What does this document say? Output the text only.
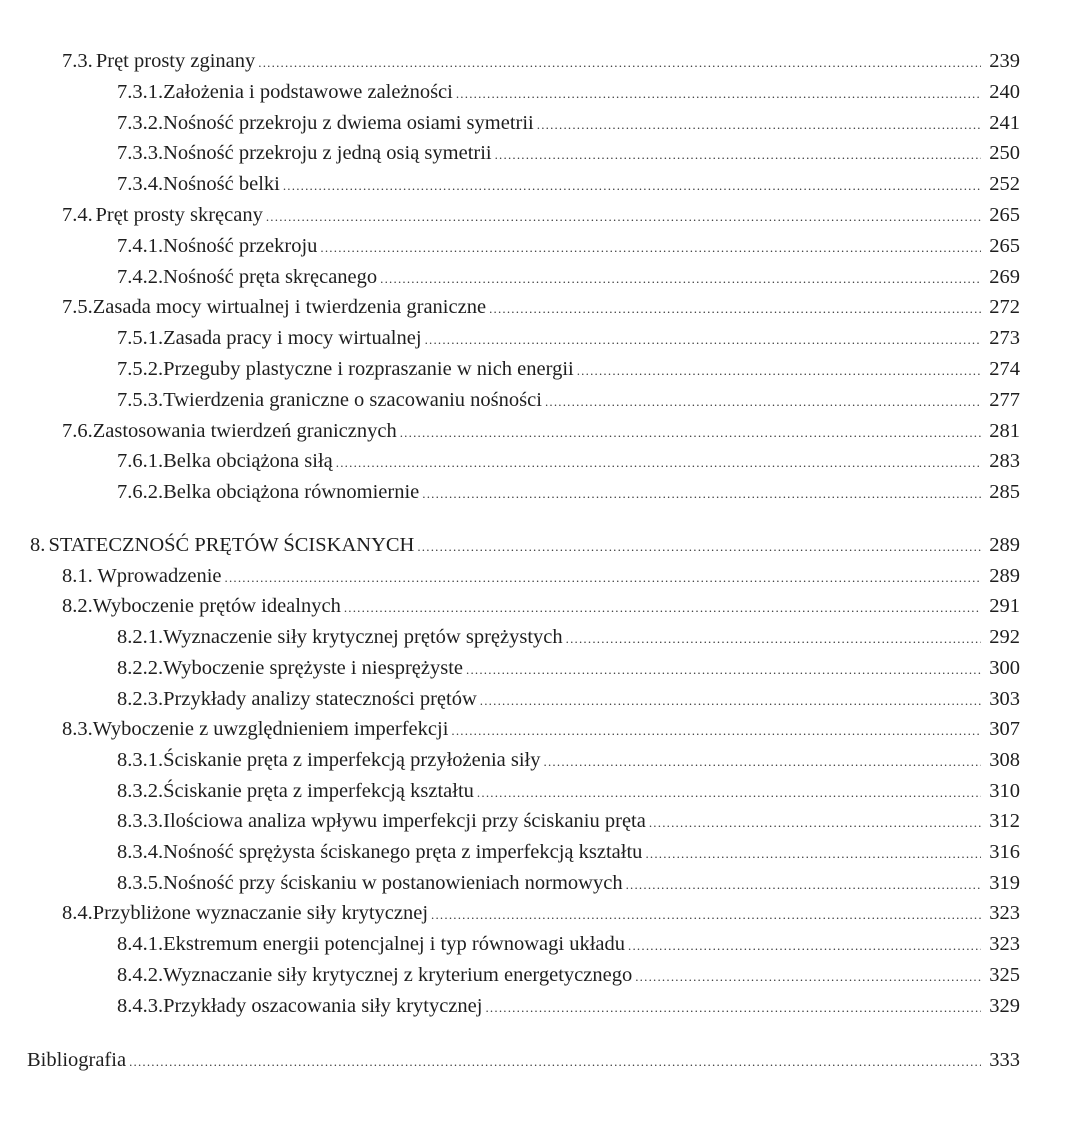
7.3. Pręt prosty zginany .....	239
7.3.1. Założenia i podstawowe zależności .....	240
7.3.2. Nośność przekroju z dwiema osiami symetrii .....	241
7.3.3. Nośność przekroju z jedną osią symetrii .....	250
7.3.4. Nośność belki .....	252
7.4. Pręt prosty skręcany .....	265
7.4.1. Nośność przekroju .....	265
7.4.2. Nośność pręta skręcanego .....	269
7.5. Zasada mocy wirtualnej i twierdzenia graniczne .....	272
7.5.1. Zasada pracy i mocy wirtualnej .....	273
7.5.2. Przeguby plastyczne i rozpraszanie w nich energii .....	274
7.5.3. Twierdzenia graniczne o szacowaniu nośności .....	277
7.6. Zastosowania twierdzeń granicznych .....	281
7.6.1. Belka obciążona siłą .....	283
7.6.2. Belka obciążona równomiernie .....	285
8. STATECZNOŚĆ PRĘTÓW ŚCISKANYCH .....	289
8.1. Wprowadzenie .....	289
8.2. Wyboczenie prętów idealnych .....	291
8.2.1. Wyznaczenie siły krytycznej prętów sprężystych .....	292
8.2.2. Wyboczenie sprężyste i niesprężyste .....	300
8.2.3. Przykłady analizy stateczności prętów .....	303
8.3. Wyboczenie z uwzględnieniem imperfekcji .....	307
8.3.1. Ściskanie pręta z imperfekcją przyłożenia siły .....	308
8.3.2. Ściskanie pręta z imperfekcją kształtu .....	310
8.3.3. Ilościowa analiza wpływu imperfekcji przy ściskaniu pręta .....	312
8.3.4. Nośność sprężysta ściskanego pręta z imperfekcją kształtu .....	316
8.3.5. Nośność przy ściskaniu w postanowieniach normowych .....	319
8.4. Przybliżone wyznaczanie siły krytycznej .....	323
8.4.1. Ekstremum energii potencjalnej i typ równowagi układu .....	323
8.4.2. Wyznaczanie siły krytycznej z kryterium energetycznego .....	325
8.4.3. Przykłady oszacowania siły krytycznej .....	329
Bibliografia .....	333
